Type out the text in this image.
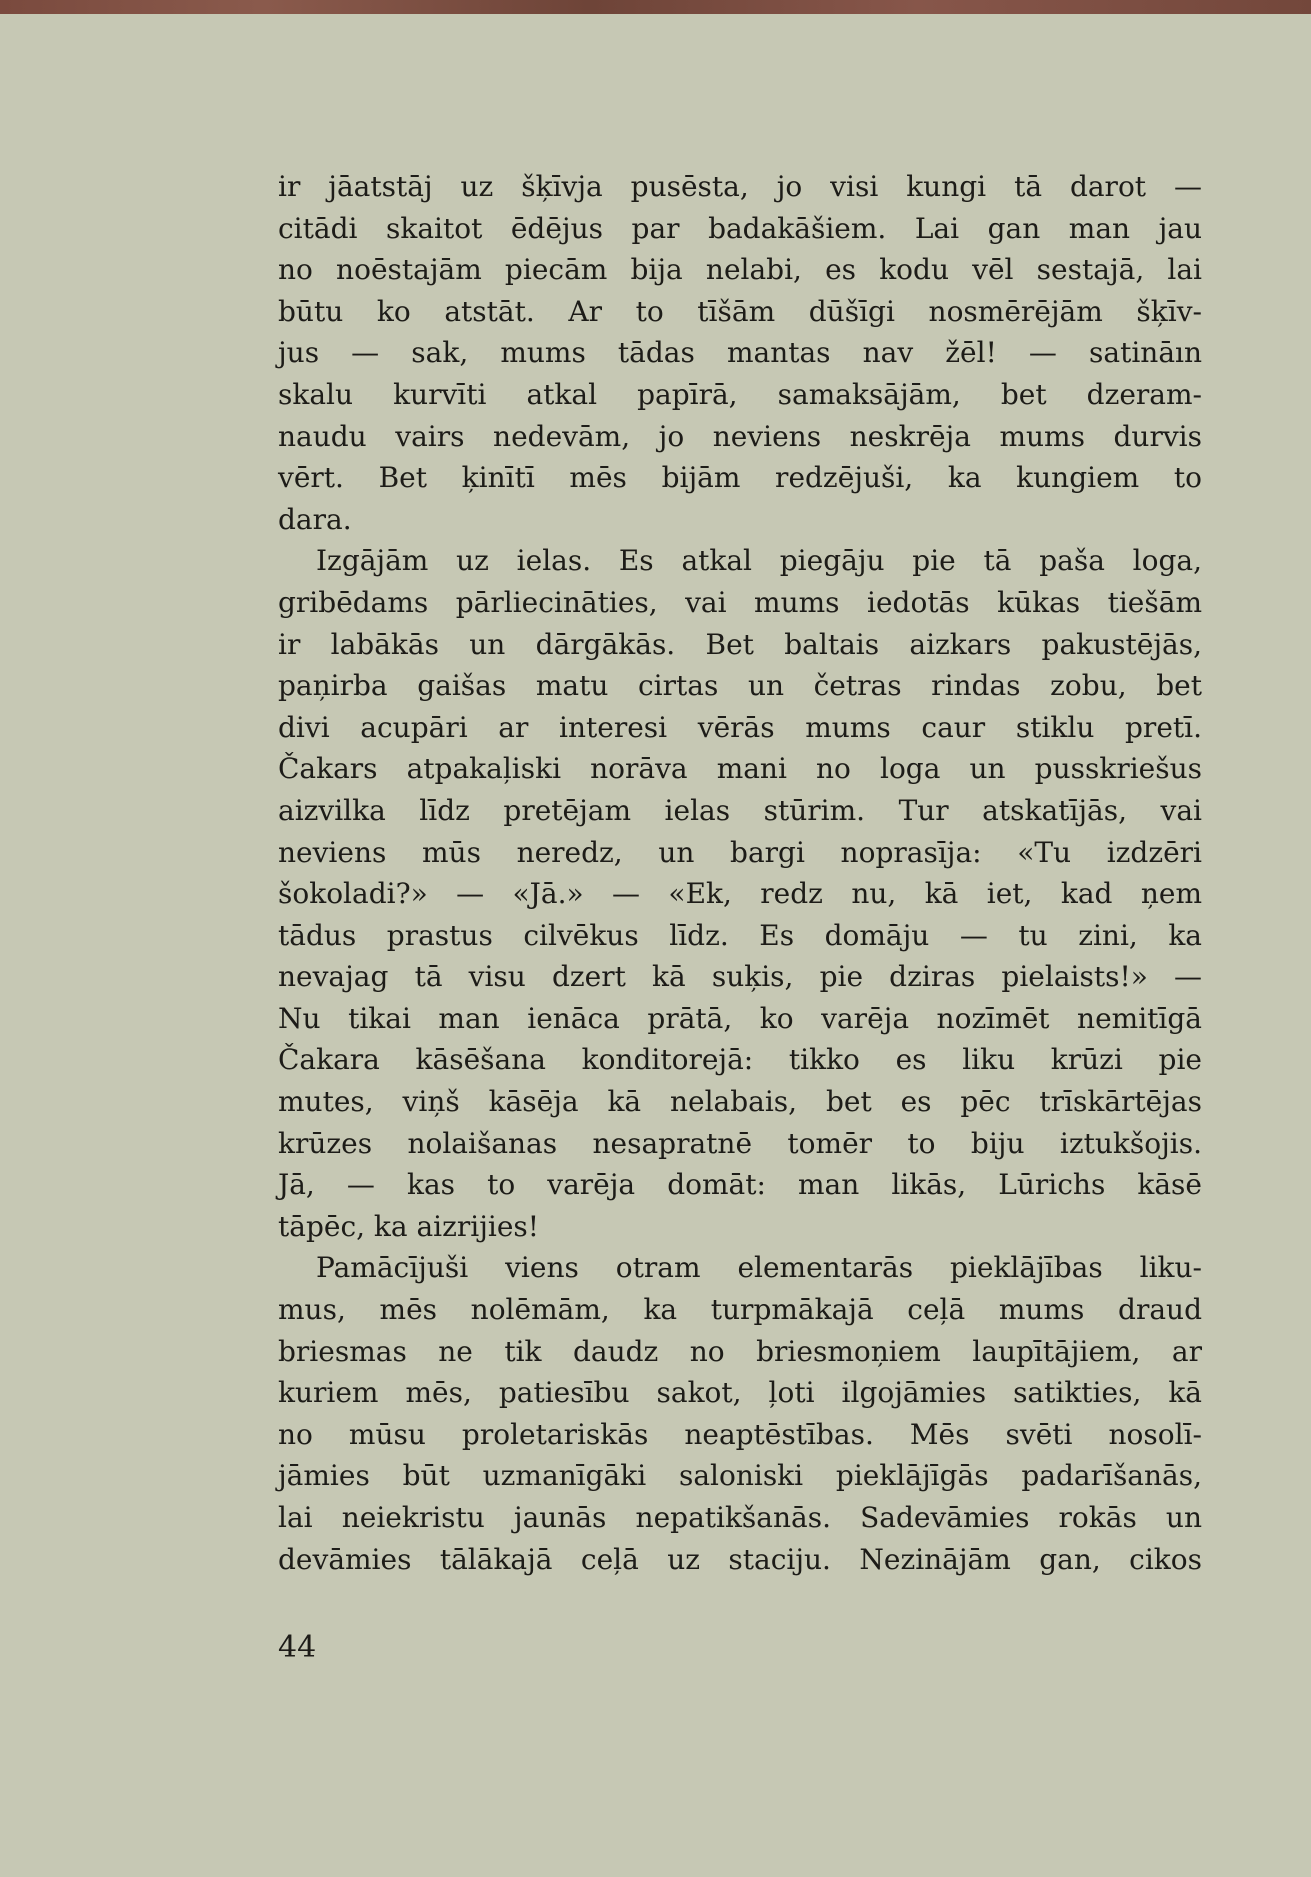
ir jāatstāj uz šķīvja pusēsta, jo visi kungi tā darot —
citādi skaitot ēdējus par badakāšiem. Lai gan man jau
no noēstajām piecām bija nelabi, es kodu vēl sestajā, lai
būtu ko atstāt. Ar to tīšām dūšīgi nosmērējām šķīv-
jus — sak, mums tādas mantas nav žēl! — satināın
skalu kurvīti atkal papīrā, samaksājām, bet dzeram-
naudu vairs nedevām, jo neviens neskrēja mums durvis
vērt. Bet ķinītī mēs bijām redzējuši, ka kungiem to
dara.
Izgājām uz ielas. Es atkal piegāju pie tā paša loga,
gribēdams pārliecināties, vai mums iedotās kūkas tiešām
ir labākās un dārgākās. Bet baltais aizkars pakustējās,
paņirba gaišas matu cirtas un četras rindas zobu, bet
divi acupāri ar interesi vērās mums caur stiklu pretī.
Čakars atpakaļiski norāva mani no loga un pusskriešus
aizvilka līdz pretējam ielas stūrim. Tur atskatījās, vai
neviens mūs neredz, un bargi noprasīja: «Tu izdzēri
šokoladi?» — «Jā.» — «Ek, redz nu, kā iet, kad ņem
tādus prastus cilvēkus līdz. Es domāju — tu zini, ka
nevajag tā visu dzert kā suķis, pie dziras pielaists!» —
Nu tikai man ienāca prātā, ko varēja nozīmēt nemitīgā
Čakara kāsēšana konditorejā: tikko es liku krūzi pie
mutes, viņš kāsēja kā nelabais, bet es pēc trīskārtējas
krūzes nolaišanas nesapratnē tomēr to biju iztukšojis.
Jā, — kas to varēja domāt: man likās, Lūrichs kāsē
tāpēc, ka aizrijies!
Pamācījuši viens otram elementarās pieklājības liku-
mus, mēs nolēmām, ka turpmākajā ceļā mums draud
briesmas ne tik daudz no briesmoņiem laupītājiem, ar
kuriem mēs, patiesību sakot, ļoti ilgojāmies satikties, kā
no mūsu proletariskās neaptēstības. Mēs svēti nosolī-
jāmies būt uzmanīgāki saloniski pieklājīgās padarīšanās,
lai neiekristu jaunās nepatikšanās. Sadevāmies rokās un
devāmies tālākajā ceļā uz staciju. Nezinājām gan, cikos
44
